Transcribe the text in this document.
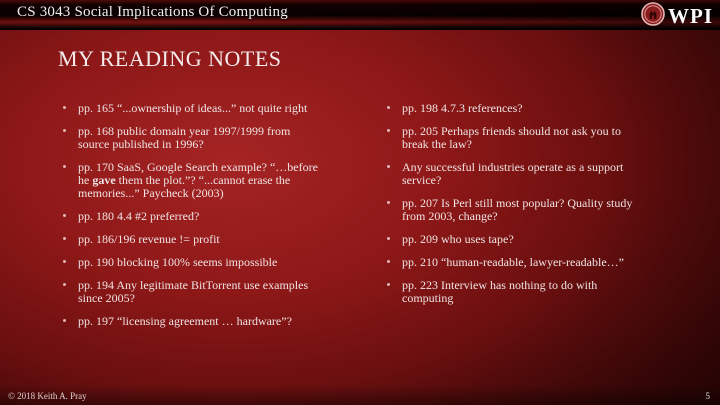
CS 3043 Social Implications Of Computing	WPI
MY READING NOTES
pp. 165 “...ownership of ideas...” not quite right
pp. 168 public domain year 1997/1999 from source published in 1996?
pp. 170 SaaS, Google Search example? “…before he gave them the plot.”? “...cannot erase the memories...” Paycheck (2003)
pp. 180 4.4 #2 preferred?
pp. 186/196 revenue != profit
pp. 190 blocking 100% seems impossible
pp. 194 Any legitimate BitTorrent use examples since 2005?
pp. 197 “licensing agreement … hardware”?
pp. 198 4.7.3 references?
pp. 205 Perhaps friends should not ask you to break the law?
Any successful industries operate as a support service?
pp. 207 Is Perl still most popular? Quality study from 2003, change?
pp. 209 who uses tape?
pp. 210 “human-readable, lawyer-readable…”
pp. 223 Interview has nothing to do with computing
© 2018 Keith A. Pray	5
